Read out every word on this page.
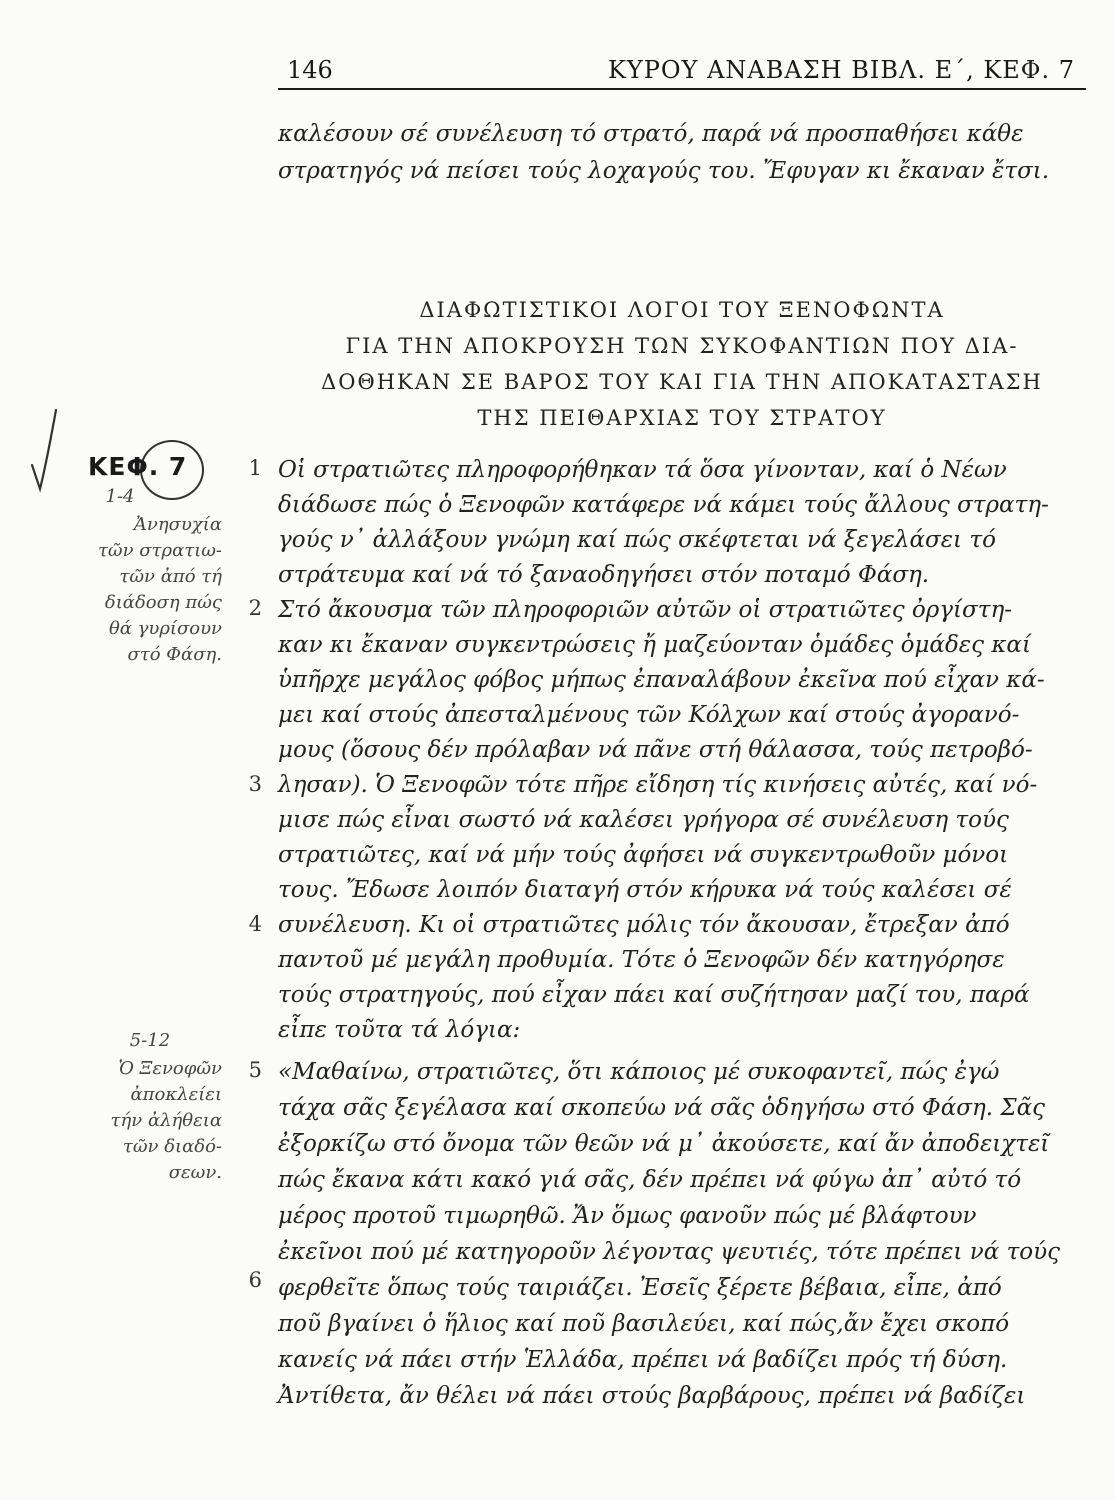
146	ΚΥΡΟΥ ΑΝΑΒΑΣΗ ΒΙΒΛ. Ε΄, ΚΕΦ. 7
καλέσουν σέ συνέλευση τό στρατό, παρά νά προσπαθήσει κάθε
στρατηγός νά πείσει τούς λοχαγούς του. Ἔφυγαν κι ἔκαναν ἔτσι.
ΔΙΑΦΩΤΙΣΤΙΚΟΙ ΛΟΓΟΙ ΤΟΥ ΞΕΝΟΦΩΝΤΑ
ΓΙΑ ΤΗΝ ΑΠΟΚΡΟΥΣΗ ΤΩΝ ΣΥΚΟΦΑΝΤΙΩΝ ΠΟΥ ΔΙΑ-
ΔΟΘΗΚΑΝ ΣΕ ΒΑΡΟΣ ΤΟΥ ΚΑΙ ΓΙΑ ΤΗΝ ΑΠΟΚΑΤΑΣΤΑΣΗ
ΤΗΣ ΠΕΙΘΑΡΧΙΑΣ ΤΟΥ ΣΤΡΑΤΟΥ
ΚΕΦ. 7
1-4
Ἀνησυχία
τῶν στρατιω-
τῶν ἀπό τή
διάδοση πώς
θά γυρίσουν
στό Φάση.
5-12
Ὁ Ξενοφῶν
ἀποκλείει
τήν ἀλήθεια
τῶν διαδό-
σεων.
1
2
3
4
5
6
Οἱ στρατιῶτες πληροφορήθηκαν τά ὅσα γίνονταν, καί ὁ Νέων
διάδωσε πώς ὁ Ξενοφῶν κατάφερε νά κάμει τούς ἄλλους στρατη-
γούς ν᾽ ἀλλάξουν γνώμη καί πώς σκέφτεται νά ξεγελάσει τό
στράτευμα καί νά τό ξαναοδηγήσει στόν ποταμό Φάση.
Στό ἄκουσμα τῶν πληροφοριῶν αὐτῶν οἱ στρατιῶτες ὀργίστη-
καν κι ἔκαναν συγκεντρώσεις ἤ μαζεύονταν ὁμάδες ὁμάδες καί
ὑπῆρχε μεγάλος φόβος μήπως ἐπαναλάβουν ἐκεῖνα πού εἶχαν κά-
μει καί στούς ἀπεσταλμένους τῶν Κόλχων καί στούς ἀγορανό-
μους (ὅσους δέν πρόλαβαν νά πᾶνε στή θάλασσα, τούς πετροβό-
λησαν). Ὁ Ξενοφῶν τότε πῆρε εἴδηση τίς κινήσεις αὐτές, καί νό-
μισε πώς εἶναι σωστό νά καλέσει γρήγορα σέ συνέλευση τούς
στρατιῶτες, καί νά μήν τούς ἀφήσει νά συγκεντρωθοῦν μόνοι
τους. Ἔδωσε λοιπόν διαταγή στόν κήρυκα νά τούς καλέσει σέ
συνέλευση. Κι οἱ στρατιῶτες μόλις τόν ἄκουσαν, ἔτρεξαν ἀπό
παντοῦ μέ μεγάλη προθυμία. Τότε ὁ Ξενοφῶν δέν κατηγόρησε
τούς στρατηγούς, πού εἶχαν πάει καί συζήτησαν μαζί του, παρά
εἶπε τοῦτα τά λόγια:
«Μαθαίνω, στρατιῶτες, ὅτι κάποιος μέ συκοφαντεῖ, πώς ἐγώ
τάχα σᾶς ξεγέλασα καί σκοπεύω νά σᾶς ὁδηγήσω στό Φάση. Σᾶς
ἐξορκίζω στό ὄνομα τῶν θεῶν νά μ᾽ ἀκούσετε, καί ἄν ἀποδειχτεῖ
πώς ἔκανα κάτι κακό γιά σᾶς, δέν πρέπει νά φύγω ἀπ᾽ αὐτό τό
μέρος προτοῦ τιμωρηθῶ. Ἄν ὅμως φανοῦν πώς μέ βλάφτουν
ἐκεῖνοι πού μέ κατηγοροῦν λέγοντας ψευτιές, τότε πρέπει νά τούς
φερθεῖτε ὅπως τούς ταιριάζει. Ἐσεῖς ξέρετε βέβαια, εἶπε, ἀπό
ποῦ βγαίνει ὁ ἥλιος καί ποῦ βασιλεύει, καί πώς,ἄν ἔχει σκοπό
κανείς νά πάει στήν Ἑλλάδα, πρέπει νά βαδίζει πρός τή δύση.
Ἀντίθετα, ἄν θέλει νά πάει στούς βαρβάρους, πρέπει νά βαδίζει
